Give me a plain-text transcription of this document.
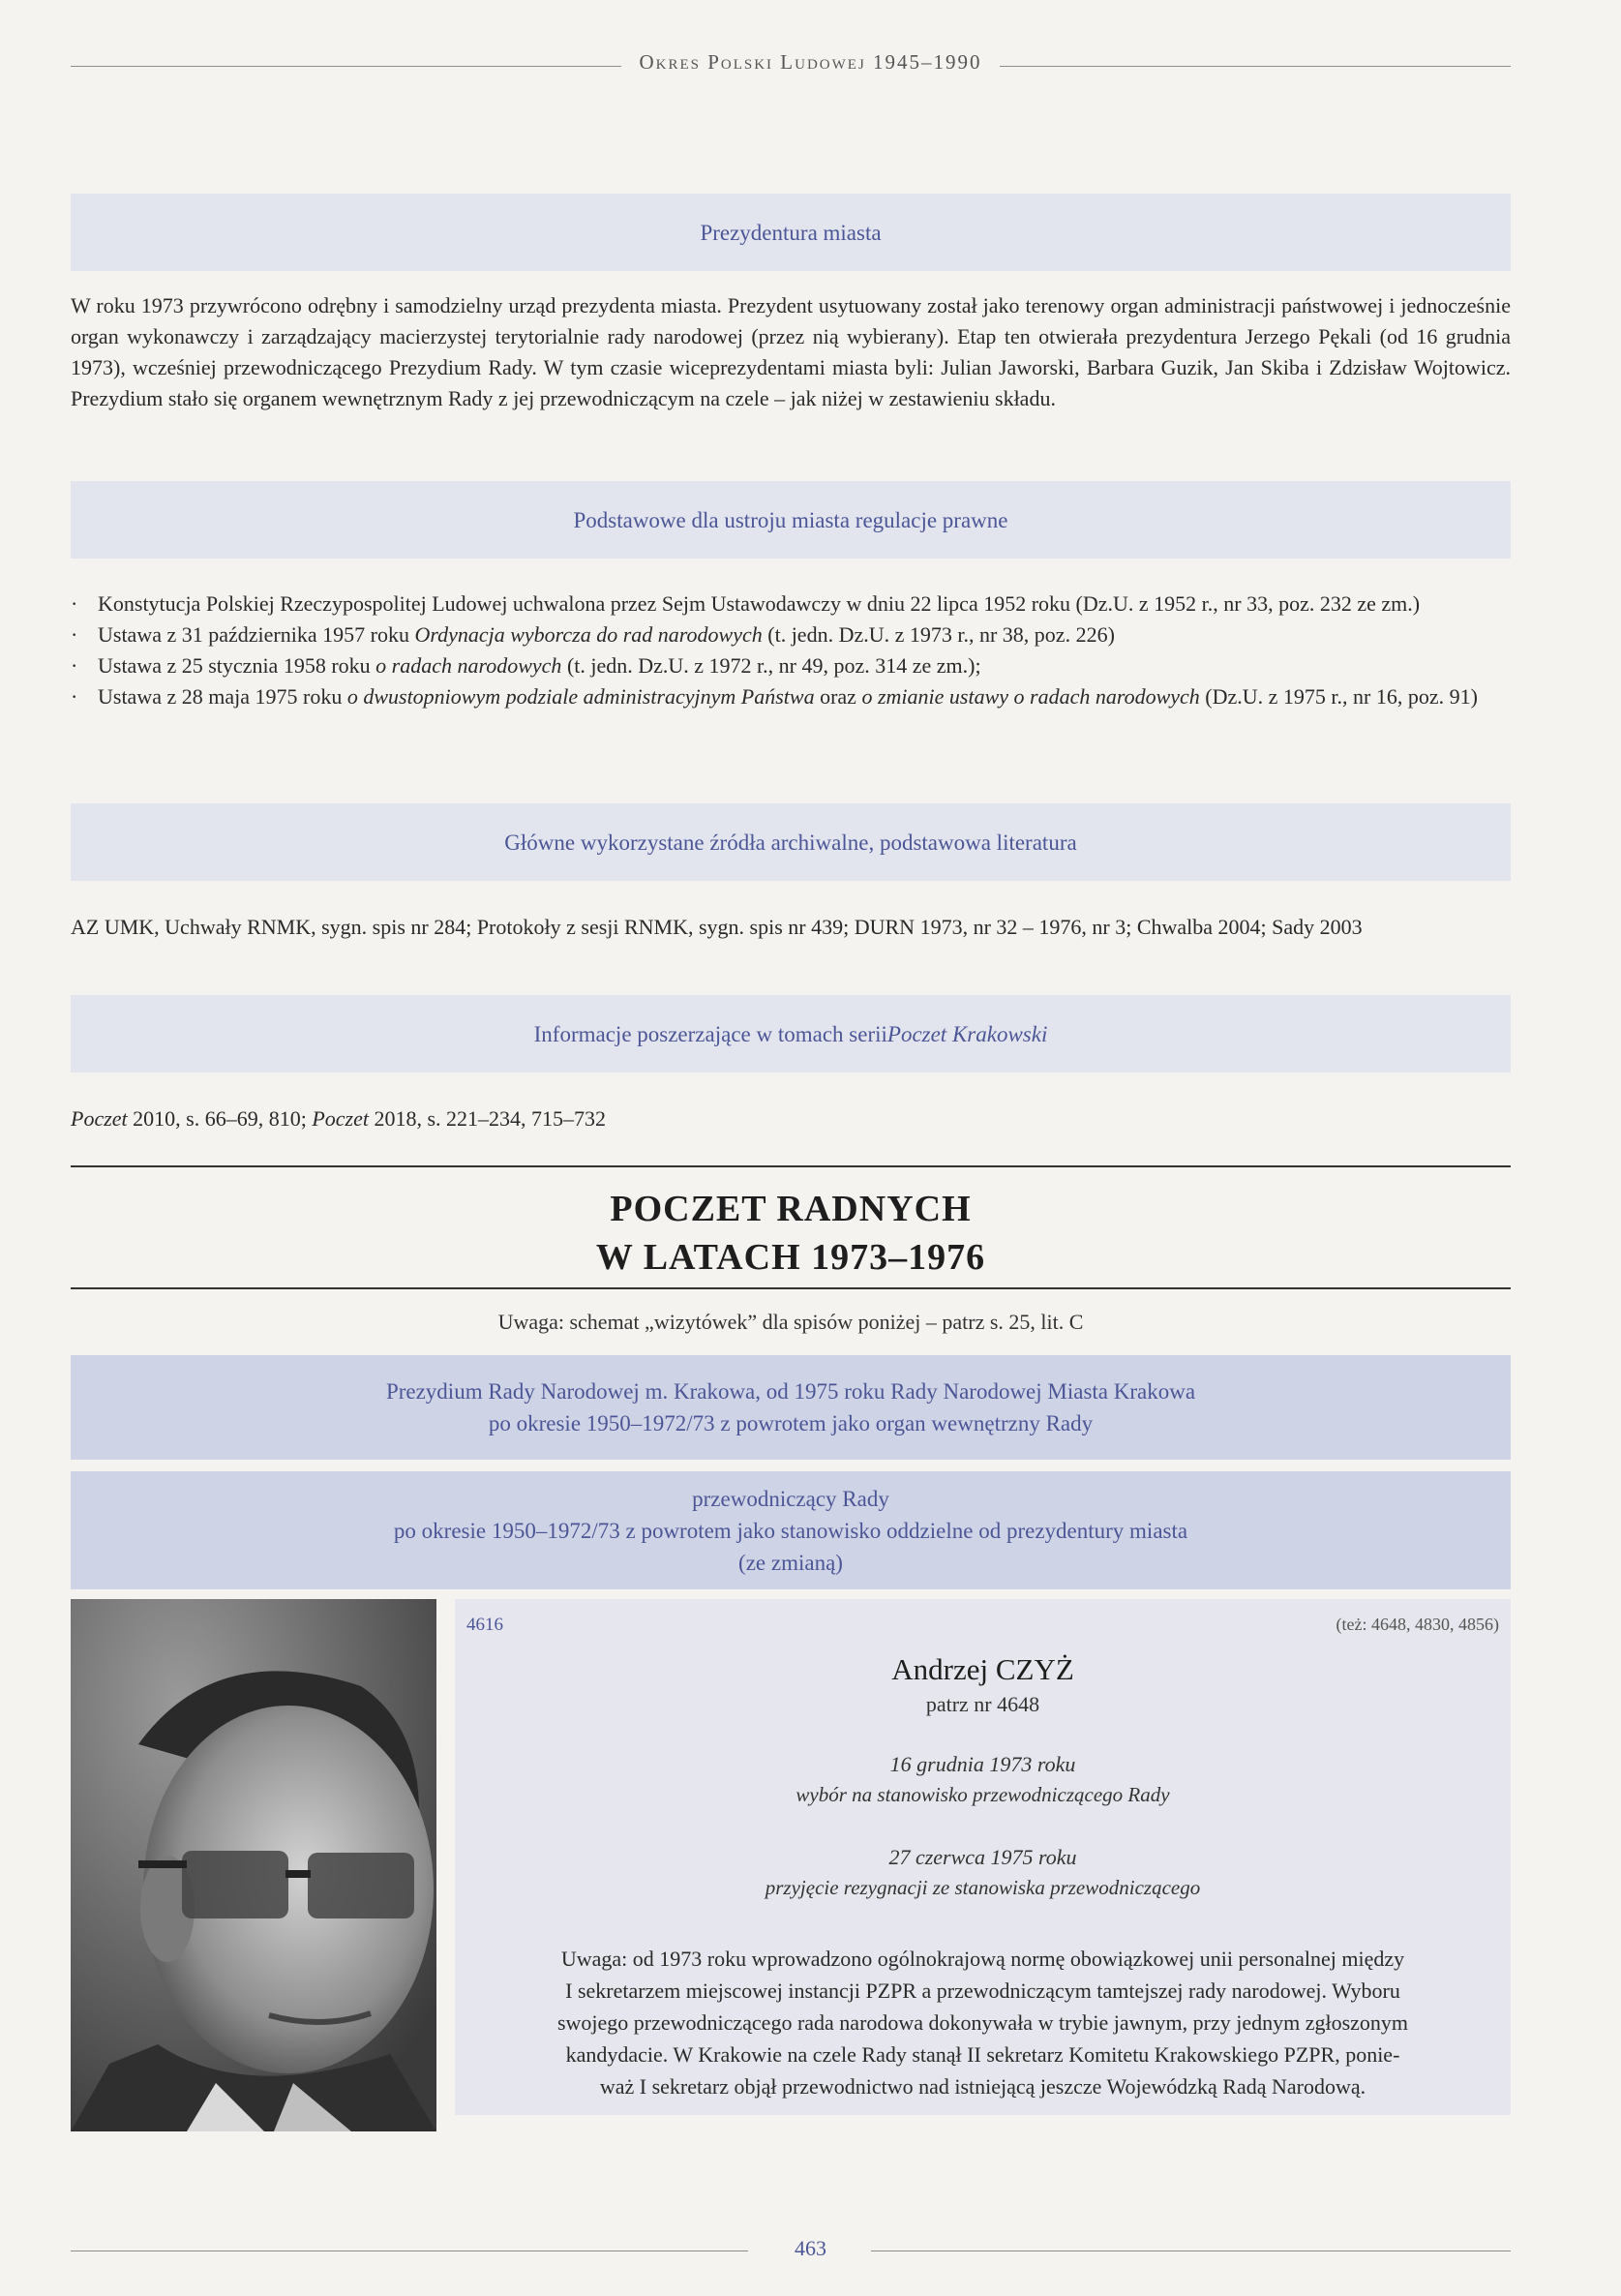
Okres Polski Ludowej 1945–1990
Prezydentura miasta
W roku 1973 przywrócono odrębny i samodzielny urząd prezydenta miasta. Prezydent usytuowany został jako terenowy organ administracji państwowej i jednocześnie organ wykonawczy i zarządzający macierzystej terytorialnie rady narodowej (przez nią wybierany). Etap ten otwierała prezydentura Jerzego Pękali (od 16 grudnia 1973), wcześniej przewodniczącego Prezydium Rady. W tym czasie wiceprezydentami miasta byli: Julian Jaworski, Barbara Guzik, Jan Skiba i Zdzisław Wojtowicz. Prezydium stało się organem wewnętrznym Rady z jej przewodniczącym na czele – jak niżej w zestawieniu składu.
Podstawowe dla ustroju miasta regulacje prawne
· Konstytucja Polskiej Rzeczypospolitej Ludowej uchwalona przez Sejm Ustawodawczy w dniu 22 lipca 1952 roku (Dz.U. z 1952 r., nr 33, poz. 232 ze zm.)
· Ustawa z 31 października 1957 roku Ordynacja wyborcza do rad narodowych (t. jedn. Dz.U. z 1973 r., nr 38, poz. 226)
· Ustawa z 25 stycznia 1958 roku o radach narodowych (t. jedn. Dz.U. z 1972 r., nr 49, poz. 314 ze zm.);
· Ustawa z 28 maja 1975 roku o dwustopniowym podziale administracyjnym Państwa oraz o zmianie ustawy o radach narodowych (Dz.U. z 1975 r., nr 16, poz. 91)
Główne wykorzystane źródła archiwalne, podstawowa literatura
AZ UMK, Uchwały RNMK, sygn. spis nr 284; Protokoły z sesji RNMK, sygn. spis nr 439; DURN 1973, nr 32 – 1976, nr 3; Chwalba 2004; Sady 2003
Informacje poszerzające w tomach serii Poczet Krakowski
Poczet 2010, s. 66–69, 810; Poczet 2018, s. 221–234, 715–732
POCZET RADNYCH
W LATACH 1973–1976
Uwaga: schemat „wizytówek” dla spisów poniżej – patrz s. 25, lit. C
Prezydium Rady Narodowej m. Krakowa, od 1975 roku Rady Narodowej Miasta Krakowa
po okresie 1950–1972/73 z powrotem jako organ wewnętrzny Rady
przewodniczący Rady
po okresie 1950–1972/73 z powrotem jako stanowisko oddzielne od prezydentury miasta
(ze zmianą)
4616	(też: 4648, 4830, 4856)
Andrzej CZYŻ
patrz nr 4648
16 grudnia 1973 roku
wybór na stanowisko przewodniczącego Rady
27 czerwca 1975 roku
przyjęcie rezygnacji ze stanowiska przewodniczącego
Uwaga: od 1973 roku wprowadzono ogólnokrajową normę obowiązkowej unii personalnej między
I sekretarzem miejscowej instancji PZPR a przewodniczącym tamtejszej rady narodowej. Wyboru
swojego przewodniczącego rada narodowa dokonywała w trybie jawnym, przy jednym zgłoszonym
kandydacie. W Krakowie na czele Rady stanął II sekretarz Komitetu Krakowskiego PZPR, ponie-
waż I sekretarz objął przewodnictwo nad istniejącą jeszcze Wojewódzką Radą Narodową.
463
